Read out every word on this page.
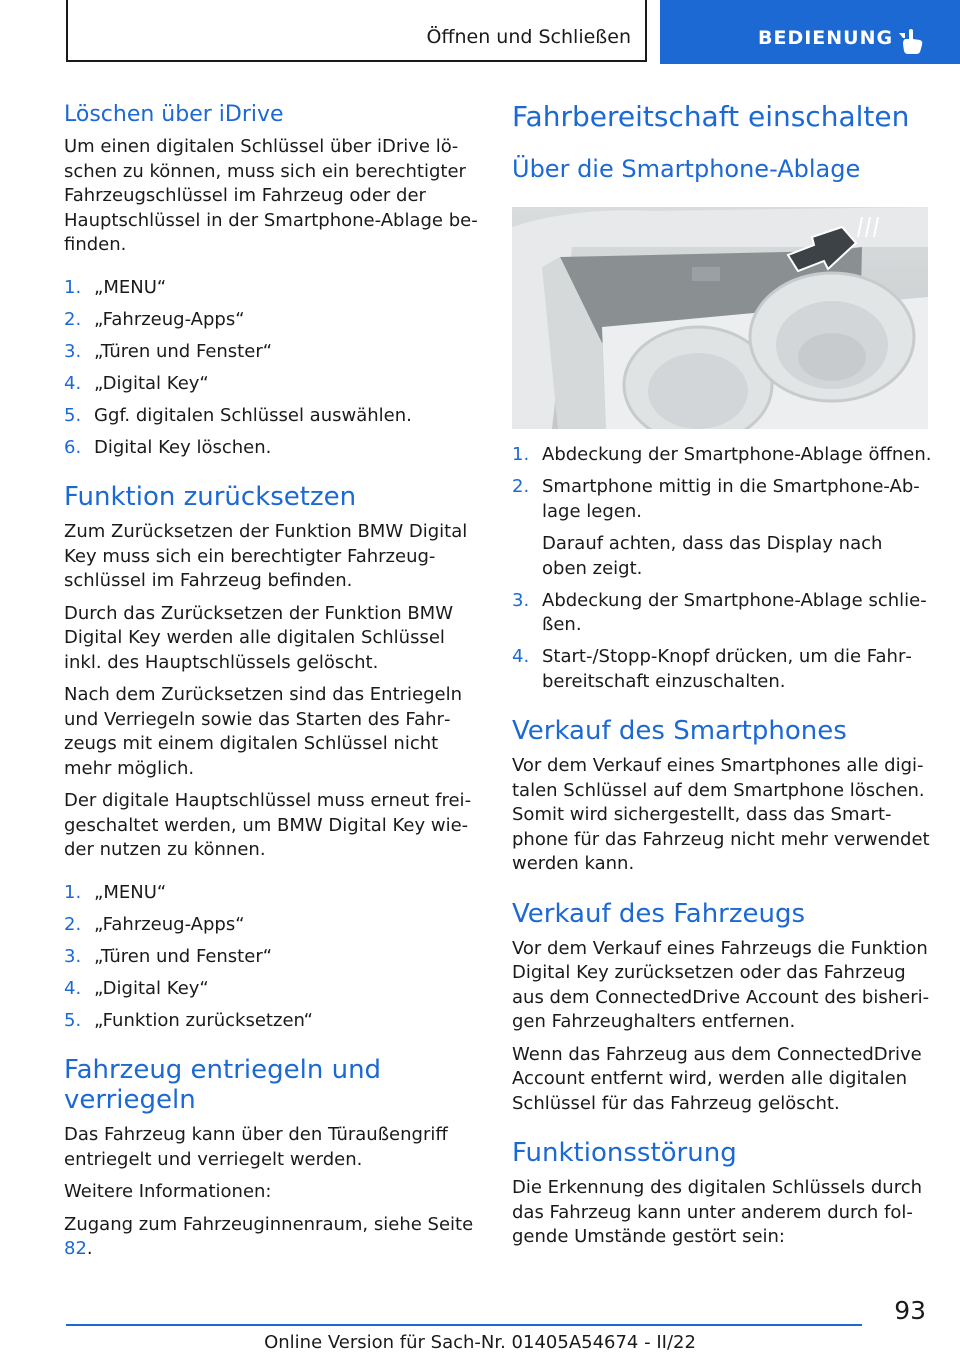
Öffnen und Schließen	BEDIENUNG
Löschen über iDrive

Um einen digitalen Schlüssel über iDrive löschen zu können, muss sich ein berechtigter Fahrzeugschlüssel im Fahrzeug oder der Hauptschlüssel in der Smartphone-Ablage befinden.

1. „MENU“
2. „Fahrzeug-Apps“
3. „Türen und Fenster“
4. „Digital Key“
5. Ggf. digitalen Schlüssel auswählen.
6. Digital Key löschen.
Funktion zurücksetzen

Zum Zurücksetzen der Funktion BMW Digital Key muss sich ein berechtigter Fahrzeugschlüssel im Fahrzeug befinden.

Durch das Zurücksetzen der Funktion BMW Digital Key werden alle digitalen Schlüssel inkl. des Hauptschlüssels gelöscht.

Nach dem Zurücksetzen sind das Entriegeln und Verriegeln sowie das Starten des Fahrzeugs mit einem digitalen Schlüssel nicht mehr möglich.

Der digitale Hauptschlüssel muss erneut freigeschaltet werden, um BMW Digital Key wieder nutzen zu können.

1. „MENU“
2. „Fahrzeug-Apps“
3. „Türen und Fenster“
4. „Digital Key“
5. „Funktion zurücksetzen“
Fahrzeug entriegeln und verriegeln

Das Fahrzeug kann über den Türaußengriff entriegelt und verriegelt werden.

Weitere Informationen:

Zugang zum Fahrzeuginnenraum, siehe Seite 82.

Fahrbereitschaft einschalten
Über die Smartphone-Ablage
1. Abdeckung der Smartphone-Ablage öffnen.
2. Smartphone mittig in die Smartphone-Ablage legen.
Darauf achten, dass das Display nach oben zeigt.
3. Abdeckung der Smartphone-Ablage schließen.
4. Start-/Stopp-Knopf drücken, um die Fahrbereitschaft einzuschalten.
Verkauf des Smartphones

Vor dem Verkauf eines Smartphones alle digitalen Schlüssel auf dem Smartphone löschen. Somit wird sichergestellt, dass das Smartphone für das Fahrzeug nicht mehr verwendet werden kann.

Verkauf des Fahrzeugs

Vor dem Verkauf eines Fahrzeugs die Funktion Digital Key zurücksetzen oder das Fahrzeug aus dem ConnectedDrive Account des bisherigen Fahrzeughalters entfernen.

Wenn das Fahrzeug aus dem ConnectedDrive Account entfernt wird, werden alle digitalen Schlüssel für das Fahrzeug gelöscht.

Funktionsstörung

Die Erkennung des digitalen Schlüssels durch das Fahrzeug kann unter anderem durch folgende Umstände gestört sein:

93
Online Version für Sach-Nr. 01405A54674 - II/22
